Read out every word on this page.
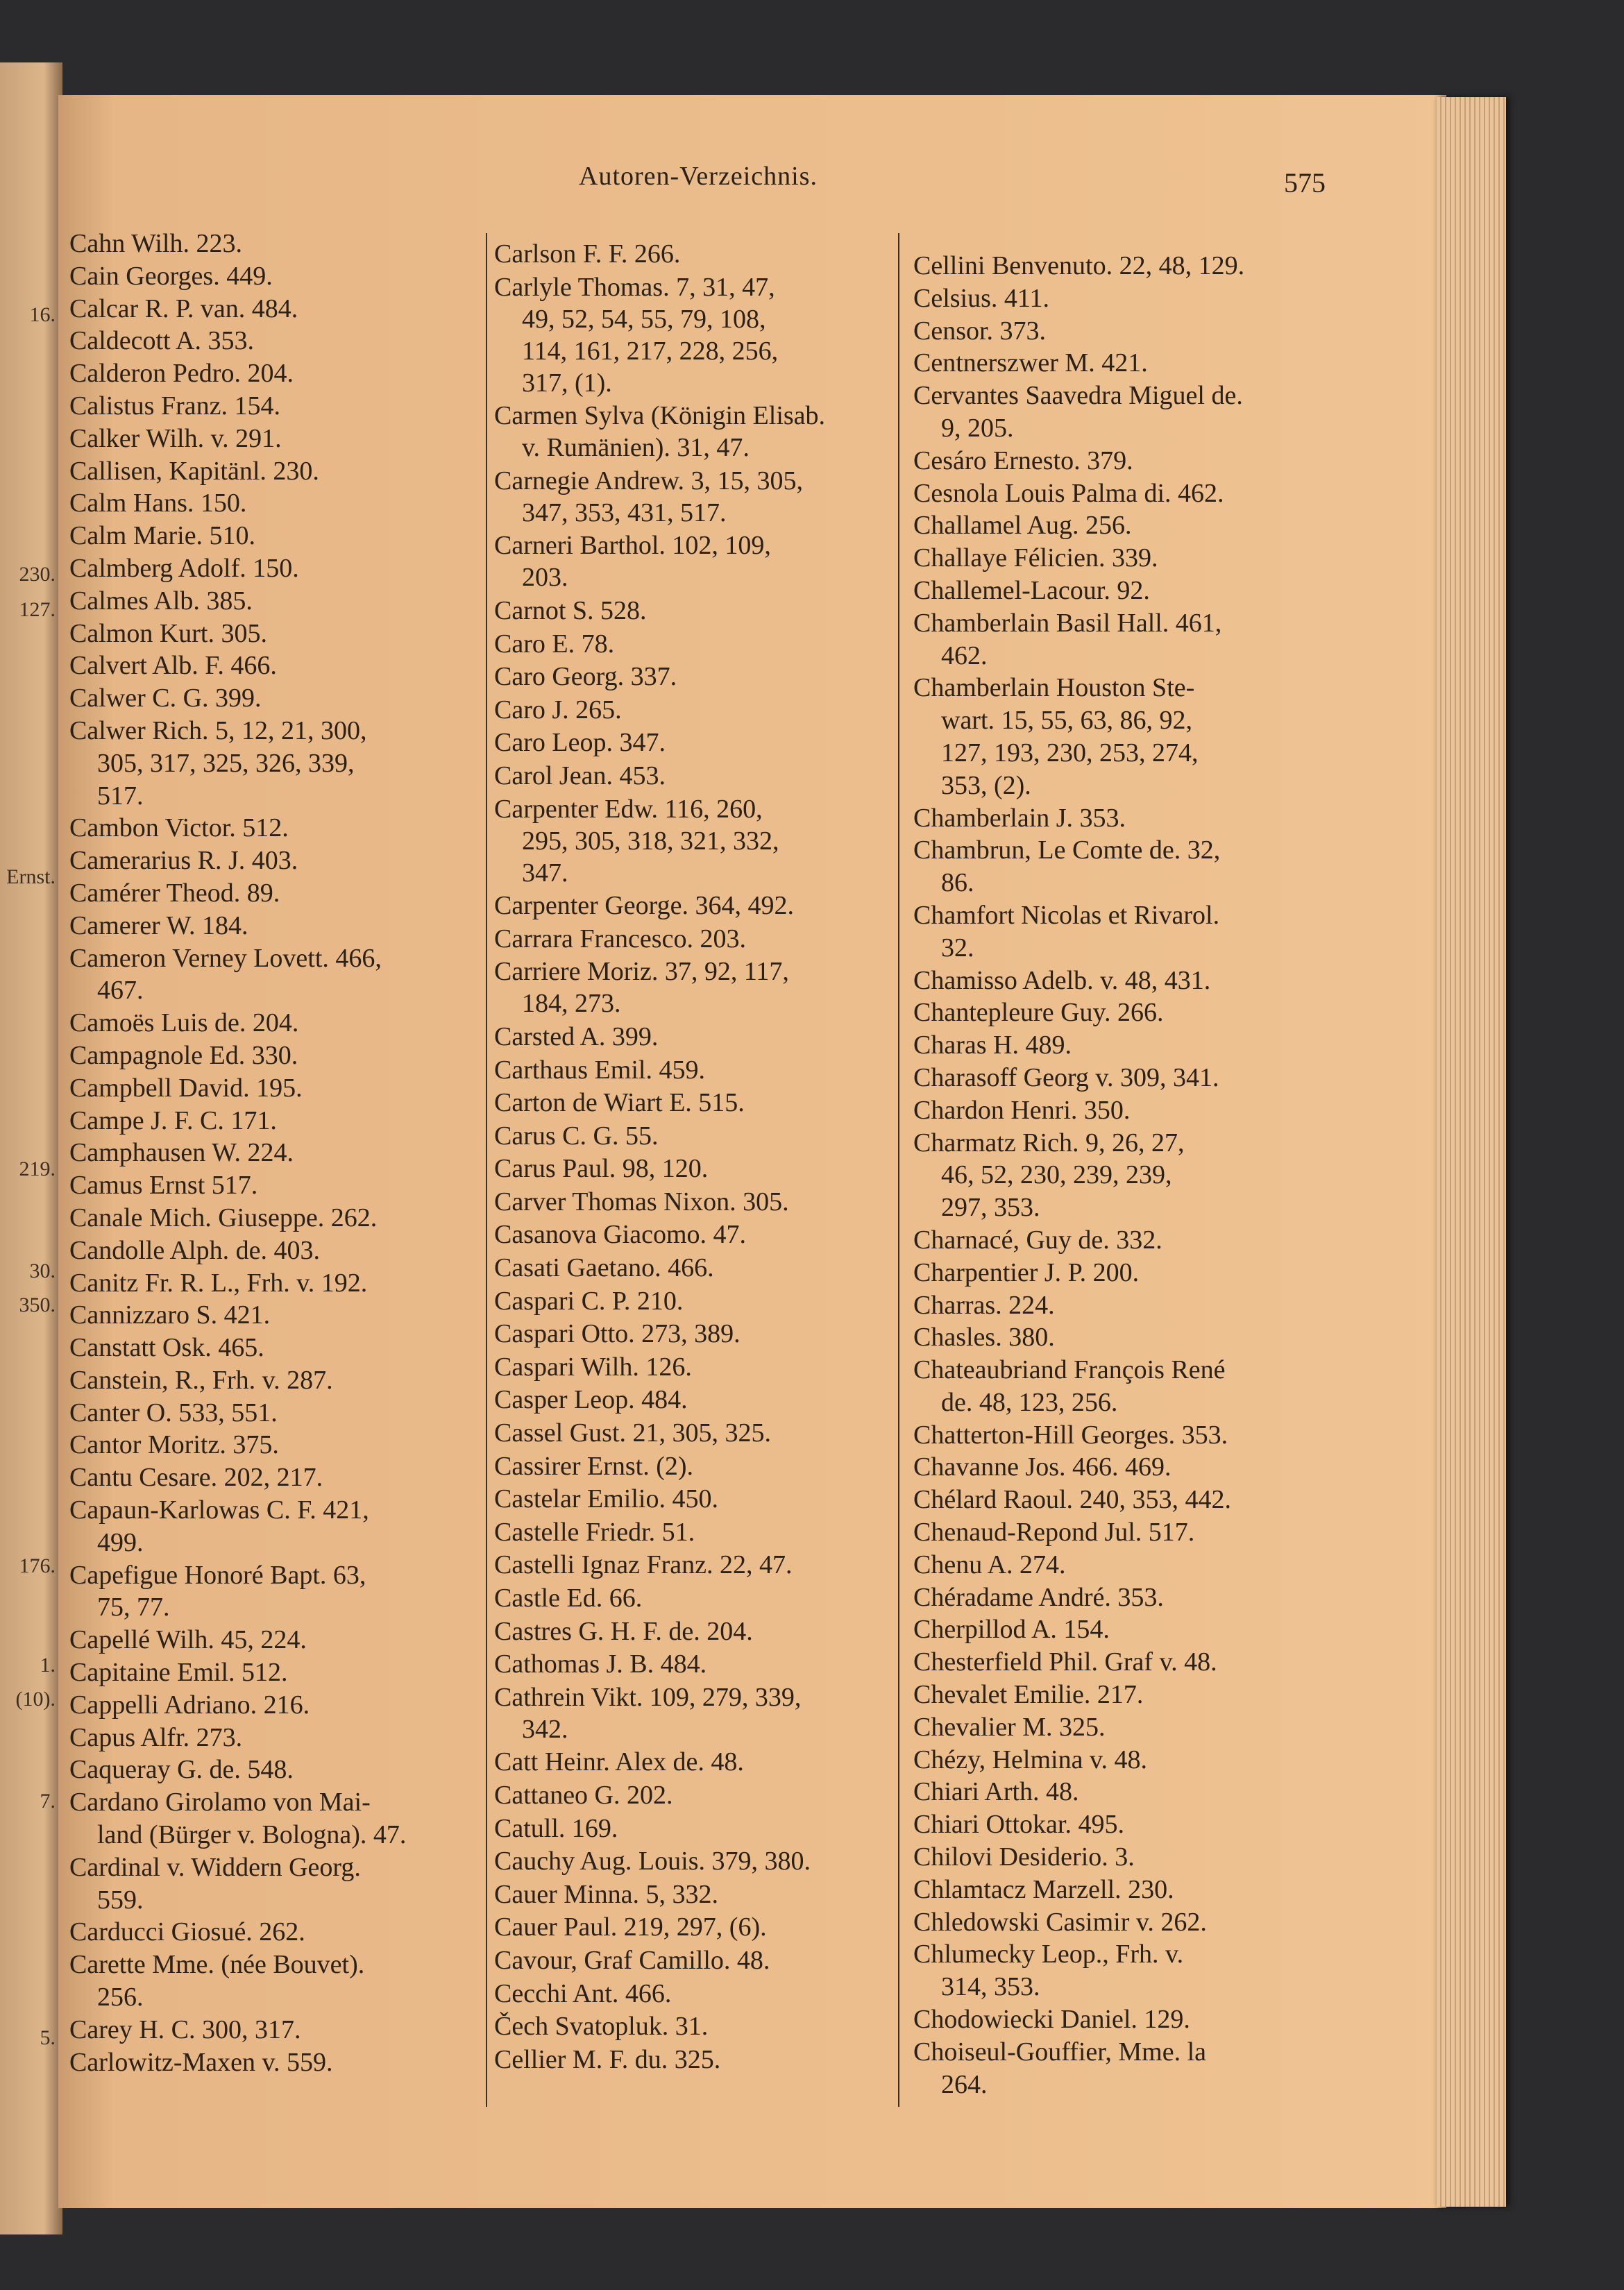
16.
230.
127.
Ernst.
219.
30.
350.
176.
1.
(10).
7.
5.
Autoren-Verzeichnis.	575
Cahn Wilh. 223.
Cain Georges. 449.
Calcar R. P. van. 484.
Caldecott A. 353.
Calderon Pedro. 204.
Calistus Franz. 154.
Calker Wilh. v. 291.
Callisen, Kapitänl. 230.
Calm Hans. 150.
Calm Marie. 510.
Calmberg Adolf. 150.
Calmes Alb. 385.
Calmon Kurt. 305.
Calvert Alb. F. 466.
Calwer C. G. 399.
Calwer Rich. 5, 12, 21, 300,
305, 317, 325, 326, 339,
517.
Cambon Victor. 512.
Camerarius R. J. 403.
Camérer Theod. 89.
Camerer W. 184.
Cameron Verney Lovett. 466,
467.
Camoës Luis de. 204.
Campagnole Ed. 330.
Campbell David. 195.
Campe J. F. C. 171.
Camphausen W. 224.
Camus Ernst 517.
Canale Mich. Giuseppe. 262.
Candolle Alph. de. 403.
Canitz Fr. R. L., Frh. v. 192.
Cannizzaro S. 421.
Canstatt Osk. 465.
Canstein, R., Frh. v. 287.
Canter O. 533, 551.
Cantor Moritz. 375.
Cantu Cesare. 202, 217.
Capaun-Karlowas C. F. 421,
499.
Capefigue Honoré Bapt. 63,
75, 77.
Capellé Wilh. 45, 224.
Capitaine Emil. 512.
Cappelli Adriano. 216.
Capus Alfr. 273.
Caqueray G. de. 548.
Cardano Girolamo von Mai-
land (Bürger v. Bologna). 47.
Cardinal v. Widdern Georg.
559.
Carducci Giosué. 262.
Carette Mme. (née Bouvet).
256.
Carey H. C. 300, 317.
Carlowitz-Maxen v. 559.
Carlson F. F. 266.
Carlyle Thomas. 7, 31, 47,
49, 52, 54, 55, 79, 108,
114, 161, 217, 228, 256,
317, (1).
Carmen Sylva (Königin Elisab.
v. Rumänien). 31, 47.
Carnegie Andrew. 3, 15, 305,
347, 353, 431, 517.
Carneri Barthol. 102, 109,
203.
Carnot S. 528.
Caro E. 78.
Caro Georg. 337.
Caro J. 265.
Caro Leop. 347.
Carol Jean. 453.
Carpenter Edw. 116, 260,
295, 305, 318, 321, 332,
347.
Carpenter George. 364, 492.
Carrara Francesco. 203.
Carriere Moriz. 37, 92, 117,
184, 273.
Carsted A. 399.
Carthaus Emil. 459.
Carton de Wiart E. 515.
Carus C. G. 55.
Carus Paul. 98, 120.
Carver Thomas Nixon. 305.
Casanova Giacomo. 47.
Casati Gaetano. 466.
Caspari C. P. 210.
Caspari Otto. 273, 389.
Caspari Wilh. 126.
Casper Leop. 484.
Cassel Gust. 21, 305, 325.
Cassirer Ernst. (2).
Castelar Emilio. 450.
Castelle Friedr. 51.
Castelli Ignaz Franz. 22, 47.
Castle Ed. 66.
Castres G. H. F. de. 204.
Cathomas J. B. 484.
Cathrein Vikt. 109, 279, 339,
342.
Catt Heinr. Alex de. 48.
Cattaneo G. 202.
Catull. 169.
Cauchy Aug. Louis. 379, 380.
Cauer Minna. 5, 332.
Cauer Paul. 219, 297, (6).
Cavour, Graf Camillo. 48.
Cecchi Ant. 466.
Čech Svatopluk. 31.
Cellier M. F. du. 325.
Cellini Benvenuto. 22, 48, 129.
Celsius. 411.
Censor. 373.
Centnerszwer M. 421.
Cervantes Saavedra Miguel de.
9, 205.
Cesáro Ernesto. 379.
Cesnola Louis Palma di. 462.
Challamel Aug. 256.
Challaye Félicien. 339.
Challemel-Lacour. 92.
Chamberlain Basil Hall. 461,
462.
Chamberlain Houston Ste-
wart. 15, 55, 63, 86, 92,
127, 193, 230, 253, 274,
353, (2).
Chamberlain J. 353.
Chambrun, Le Comte de. 32,
86.
Chamfort Nicolas et Rivarol.
32.
Chamisso Adelb. v. 48, 431.
Chantepleure Guy. 266.
Charas H. 489.
Charasoff Georg v. 309, 341.
Chardon Henri. 350.
Charmatz Rich. 9, 26, 27,
46, 52, 230, 239, 239,
297, 353.
Charnacé, Guy de. 332.
Charpentier J. P. 200.
Charras. 224.
Chasles. 380.
Chateaubriand François René
de. 48, 123, 256.
Chatterton-Hill Georges. 353.
Chavanne Jos. 466. 469.
Chélard Raoul. 240, 353, 442.
Chenaud-Repond Jul. 517.
Chenu A. 274.
Chéradame André. 353.
Cherpillod A. 154.
Chesterfield Phil. Graf v. 48.
Chevalet Emilie. 217.
Chevalier M. 325.
Chézy, Helmina v. 48.
Chiari Arth. 48.
Chiari Ottokar. 495.
Chilovi Desiderio. 3.
Chlamtacz Marzell. 230.
Chledowski Casimir v. 262.
Chlumecky Leop., Frh. v.
314, 353.
Chodowiecki Daniel. 129.
Choiseul-Gouffier, Mme. la
264.
